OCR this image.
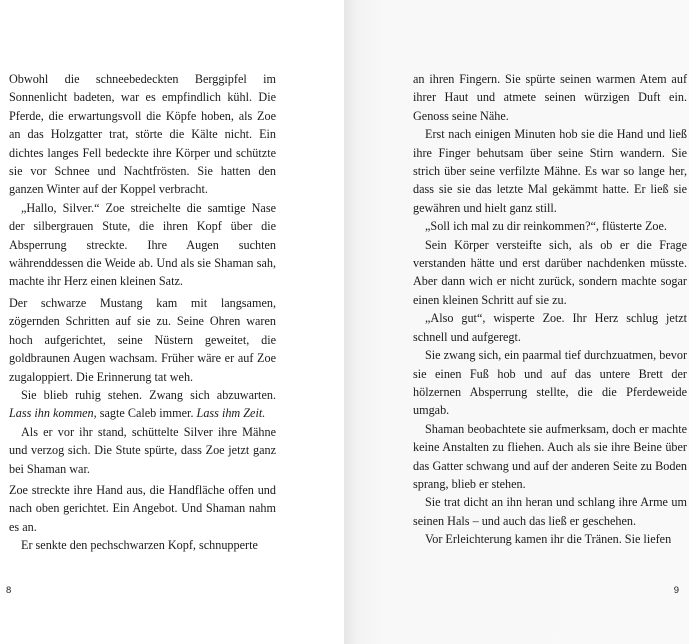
Obwohl die schneebedeckten Berggipfel im Sonnenlicht badeten, war es empfindlich kühl. Die Pferde, die erwartungsvoll die Köpfe hoben, als Zoe an das Holzgatter trat, störte die Kälte nicht. Ein dichtes langes Fell bedeckte ihre Körper und schützte sie vor Schnee und Nachtfrösten. Sie hatten den ganzen Winter auf der Koppel verbracht.

„Hallo, Silver.“ Zoe streichelte die samtige Nase der silbergrauen Stute, die ihren Kopf über die Absperrung streckte. Ihre Augen suchten währenddessen die Weide ab. Und als sie Shaman sah, machte ihr Herz einen kleinen Satz.

Der schwarze Mustang kam mit langsamen, zögernden Schritten auf sie zu. Seine Ohren waren hoch aufgerichtet, seine Nüstern geweitet, die goldbraunen Augen wachsam. Früher wäre er auf Zoe zugaloppiert. Die Erinnerung tat weh.

Sie blieb ruhig stehen. Zwang sich abzuwarten. Lass ihn kommen, sagte Caleb immer. Lass ihm Zeit.

Als er vor ihr stand, schüttelte Silver ihre Mähne und verzog sich. Die Stute spürte, dass Zoe jetzt ganz bei Shaman war.

Zoe streckte ihre Hand aus, die Handfläche offen und nach oben gerichtet. Ein Angebot. Und Shaman nahm es an.

Er senkte den pechschwarzen Kopf, schnupperte

8

an ihren Fingern. Sie spürte seinen warmen Atem auf ihrer Haut und atmete seinen würzigen Duft ein. Genoss seine Nähe.

Erst nach einigen Minuten hob sie die Hand und ließ ihre Finger behutsam über seine Stirn wandern. Sie strich über seine verfilzte Mähne. Es war so lange her, dass sie sie das letzte Mal gekämmt hatte. Er ließ sie gewähren und hielt ganz still.

„Soll ich mal zu dir reinkommen?“, flüsterte Zoe.

Sein Körper versteifte sich, als ob er die Frage verstanden hätte und erst darüber nachdenken müsste. Aber dann wich er nicht zurück, sondern machte sogar einen kleinen Schritt auf sie zu.

„Also gut“, wisperte Zoe. Ihr Herz schlug jetzt schnell und aufgeregt.

Sie zwang sich, ein paarmal tief durchzuatmen, bevor sie einen Fuß hob und auf das untere Brett der hölzernen Absperrung stellte, die die Pferdeweide umgab.

Shaman beobachtete sie aufmerksam, doch er machte keine Anstalten zu fliehen. Auch als sie ihre Beine über das Gatter schwang und auf der anderen Seite zu Boden sprang, blieb er stehen.

Sie trat dicht an ihn heran und schlang ihre Arme um seinen Hals – und auch das ließ er geschehen.

Vor Erleichterung kamen ihr die Tränen. Sie liefen

9
